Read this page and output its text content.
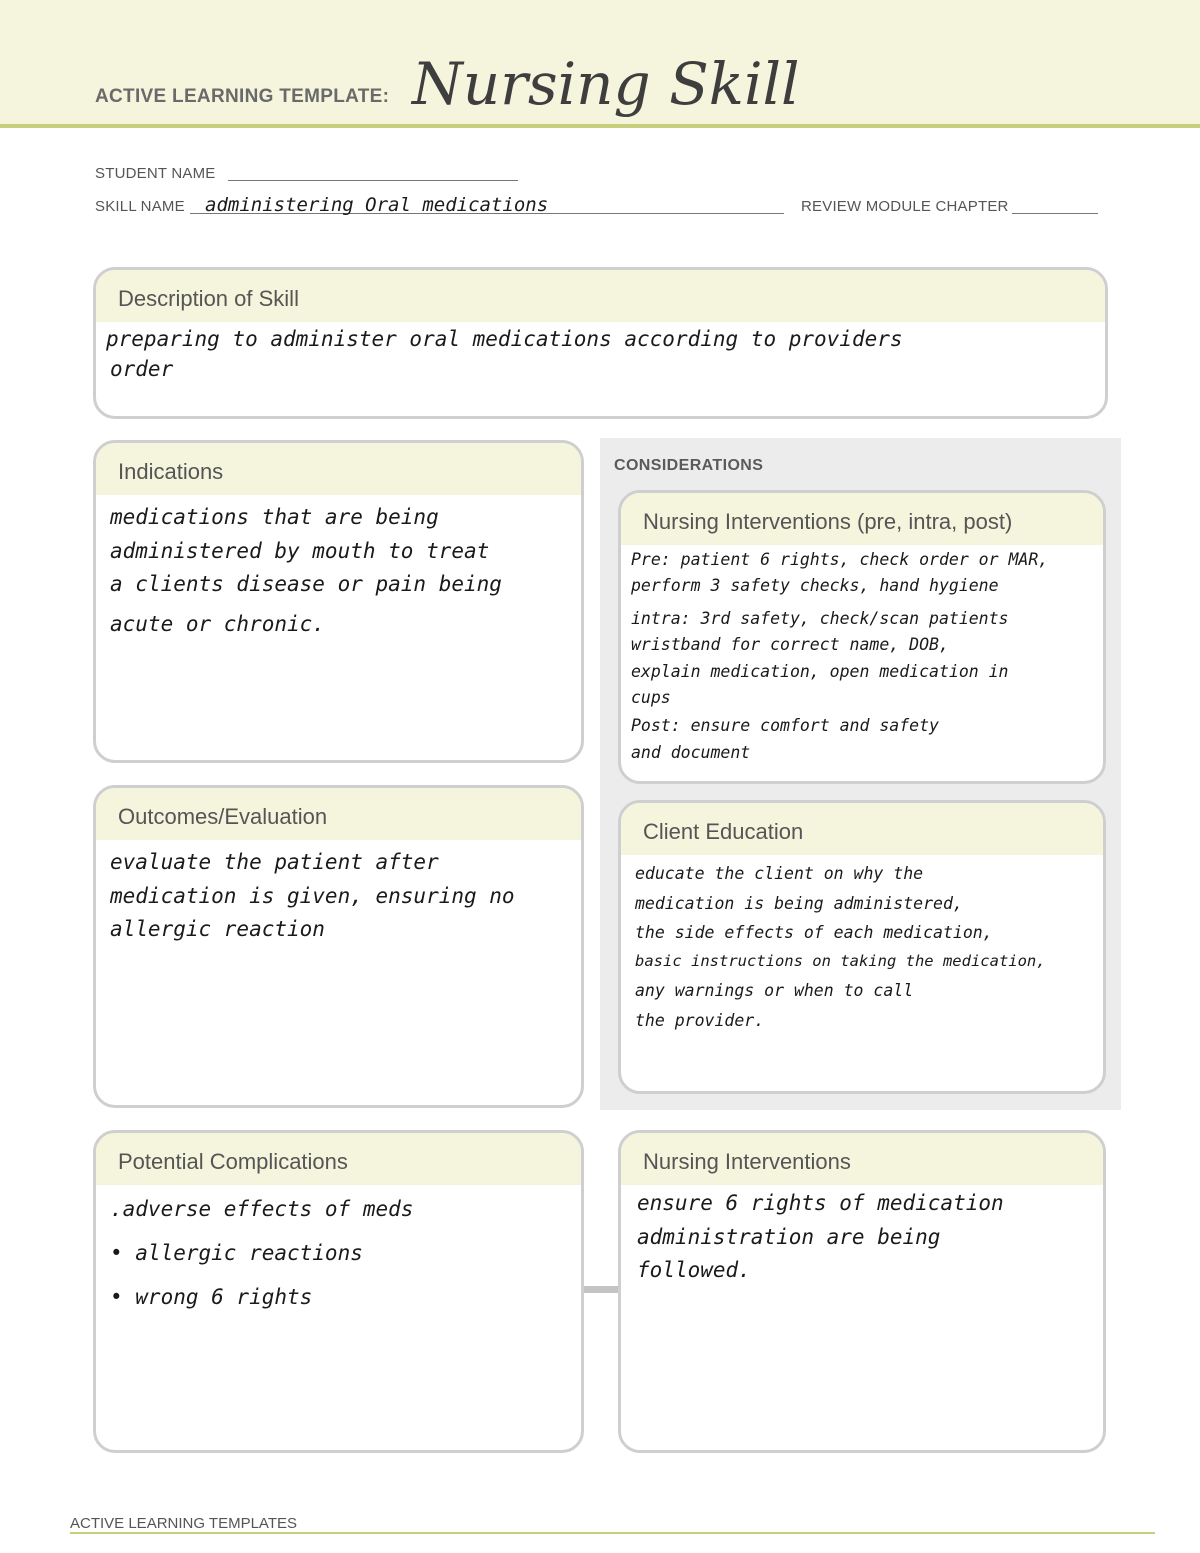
ACTIVE LEARNING TEMPLATE: Nursing Skill
STUDENT NAME
SKILL NAME administering Oral medications	REVIEW MODULE CHAPTER
Description of Skill

preparing to administer oral medications according to providers

order

Indications

medications that are being

administered by mouth to treat

a clients disease or pain being

acute or chronic.

CONSIDERATIONS
Nursing Interventions (pre, intra, post)

Pre: patient 6 rights, check order or MAR,

perform 3 safety checks, hand hygiene

intra: 3rd safety, check/scan patients

wristband for correct name, DOB,

explain medication, open medication in

cups

Post: ensure comfort and safety

and document

Outcomes/Evaluation

evaluate the patient after

medication is given, ensuring no

allergic reaction

Client Education

educate the client on why the

medication is being administered,

the side effects of each medication,

basic instructions on taking the medication,

any warnings or when to call

the provider.

Potential Complications

.adverse effects of meds

• allergic reactions

• wrong 6 rights

Nursing Interventions

ensure 6 rights of medication

administration are being

followed.

ACTIVE LEARNING TEMPLATES
